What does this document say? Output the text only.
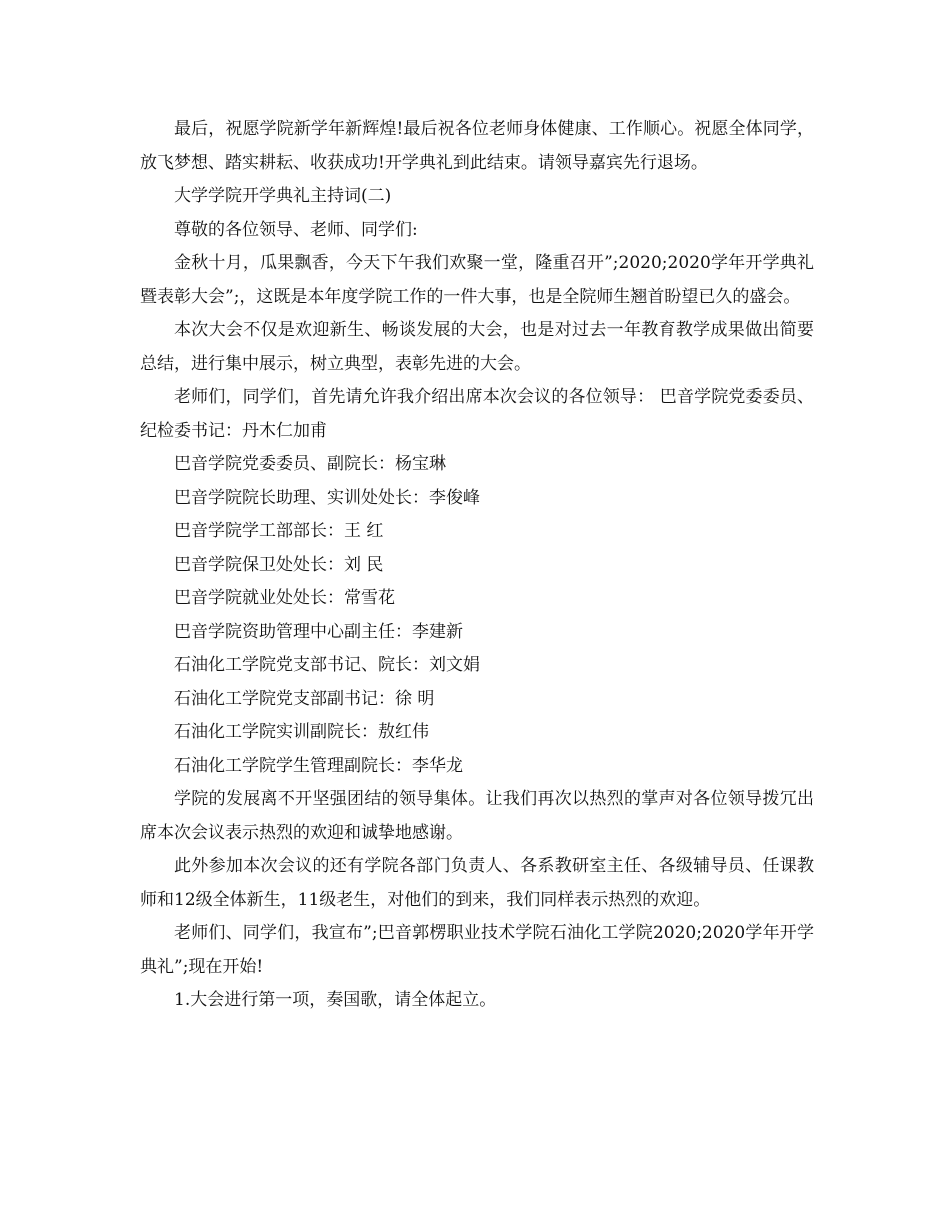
最后，祝愿学院新学年新辉煌!最后祝各位老师身体健康、工作顺心。祝愿全体同学，放飞梦想、踏实耕耘、收获成功!开学典礼到此结束。请领导嘉宾先行退场。

大学学院开学典礼主持词(二)

尊敬的各位领导、老师、同学们:

金秋十月，瓜果飘香，今天下午我们欢聚一堂，隆重召开”;2020;2020学年开学典礼暨表彰大会”;，这既是本年度学院工作的一件大事，也是全院师生翘首盼望已久的盛会。

本次大会不仅是欢迎新生、畅谈发展的大会，也是对过去一年教育教学成果做出简要总结，进行集中展示，树立典型，表彰先进的大会。

老师们，同学们，首先请允许我介绍出席本次会议的各位领导： 巴音学院党委委员、纪检委书记：丹木仁加甫

巴音学院党委委员、副院长：杨宝琳

巴音学院院长助理、实训处处长：李俊峰

巴音学院学工部部长：王 红

巴音学院保卫处处长：刘 民

巴音学院就业处处长：常雪花

巴音学院资助管理中心副主任：李建新

石油化工学院党支部书记、院长：刘文娟

石油化工学院党支部副书记：徐 明

石油化工学院实训副院长：敖红伟

石油化工学院学生管理副院长：李华龙

学院的发展离不开坚强团结的领导集体。让我们再次以热烈的掌声对各位领导拨冗出席本次会议表示热烈的欢迎和诚挚地感谢。

此外参加本次会议的还有学院各部门负责人、各系教研室主任、各级辅导员、任课教师和12级全体新生，11级老生，对他们的到来，我们同样表示热烈的欢迎。

老师们、同学们，我宣布”;巴音郭楞职业技术学院石油化工学院2020;2020学年开学典礼”;现在开始!

1.大会进行第一项，奏国歌，请全体起立。
